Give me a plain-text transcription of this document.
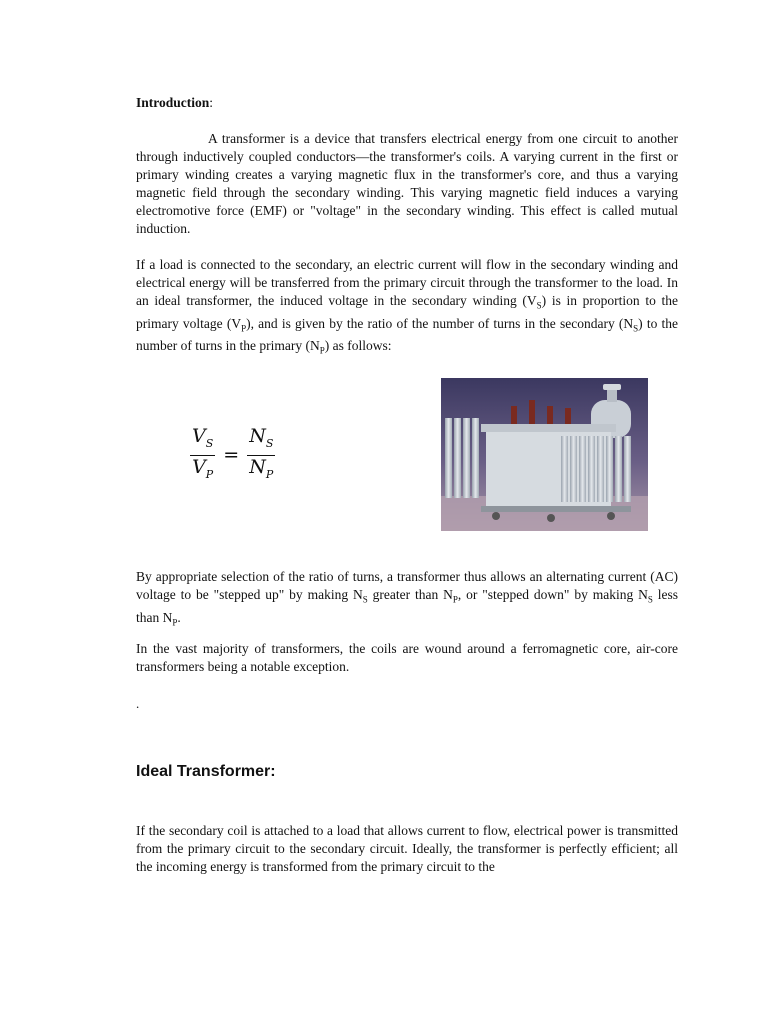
Introduction:

A transformer is a device that transfers electrical energy from one circuit to another through inductively coupled conductors—the transformer's coils. A varying current in the first or primary winding creates a varying magnetic flux in the transformer's core, and thus a varying magnetic field through the secondary winding. This varying magnetic field induces a varying electromotive force (EMF) or "voltage" in the secondary winding. This effect is called mutual induction.

If a load is connected to the secondary, an electric current will flow in the secondary winding and electrical energy will be transferred from the primary circuit through the transformer to the load. In an ideal transformer, the induced voltage in the secondary winding $(V_S)$ is in proportion to the primary voltage $(V_P)$, and is given by the ratio of the number of turns in the secondary $(N_S)$ to the number of turns in the primary $(N_P)$ as follows:

$\frac{V_S}{V_P} = \frac{N_S}{N_P}$

By appropriate selection of the ratio of turns, a transformer thus allows an alternating current (AC) voltage to be "stepped up" by making $N_S$ greater than $N_P$, or "stepped down" by making $N_S$ less than $N_P$.

In the vast majority of transformers, the coils are wound around a ferromagnetic core, air-core transformers being a notable exception.

.
Ideal Transformer:

If the secondary coil is attached to a load that allows current to flow, electrical power is transmitted from the primary circuit to the secondary circuit. Ideally, the transformer is perfectly efficient; all the incoming energy is transformed from the primary circuit to the
